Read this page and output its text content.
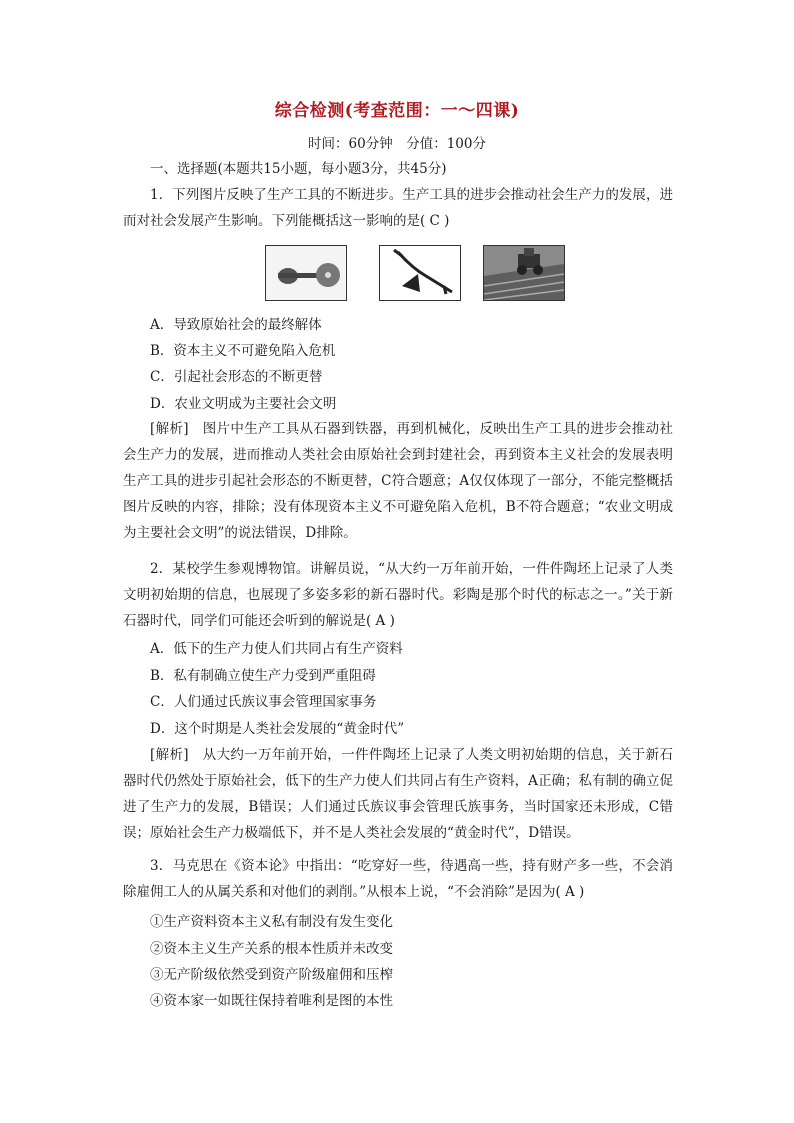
综合检测(考查范围：一～四课)
时间：60分钟　分值：100分
一、选择题(本题共15小题，每小题3分，共45分)
1．下列图片反映了生产工具的不断进步。生产工具的进步会推动社会生产力的发展，进而对社会发展产生影响。下列能概括这一影响的是( C )
A．导致原始社会的最终解体
B．资本主义不可避免陷入危机
C．引起社会形态的不断更替
D．农业文明成为主要社会文明
[解析]　图片中生产工具从石器到铁器，再到机械化，反映出生产工具的进步会推动社会生产力的发展，进而推动人类社会由原始社会到封建社会，再到资本主义社会的发展表明生产工具的进步引起社会形态的不断更替，C符合题意；A仅仅体现了一部分，不能完整概括图片反映的内容，排除；没有体现资本主义不可避免陷入危机，B不符合题意；“农业文明成为主要社会文明”的说法错误，D排除。
2．某校学生参观博物馆。讲解员说，“从大约一万年前开始，一件件陶坯上记录了人类文明初始期的信息，也展现了多姿多彩的新石器时代。彩陶是那个时代的标志之一。”关于新石器时代，同学们可能还会听到的解说是( A )
A．低下的生产力使人们共同占有生产资料
B．私有制确立使生产力受到严重阻碍
C．人们通过氏族议事会管理国家事务
D．这个时期是人类社会发展的“黄金时代”
[解析]　从大约一万年前开始，一件件陶坯上记录了人类文明初始期的信息，关于新石器时代仍然处于原始社会，低下的生产力使人们共同占有生产资料，A正确；私有制的确立促进了生产力的发展，B错误；人们通过氏族议事会管理氏族事务，当时国家还未形成，C错误；原始社会生产力极端低下，并不是人类社会发展的“黄金时代”，D错误。
3．马克思在《资本论》中指出：“吃穿好一些，待遇高一些，持有财产多一些，不会消除雇佣工人的从属关系和对他们的剥削。”从根本上说，“不会消除”是因为( A )
①生产资料资本主义私有制没有发生变化
②资本主义生产关系的根本性质并未改变
③无产阶级依然受到资产阶级雇佣和压榨
④资本家一如既往保持着唯利是图的本性
